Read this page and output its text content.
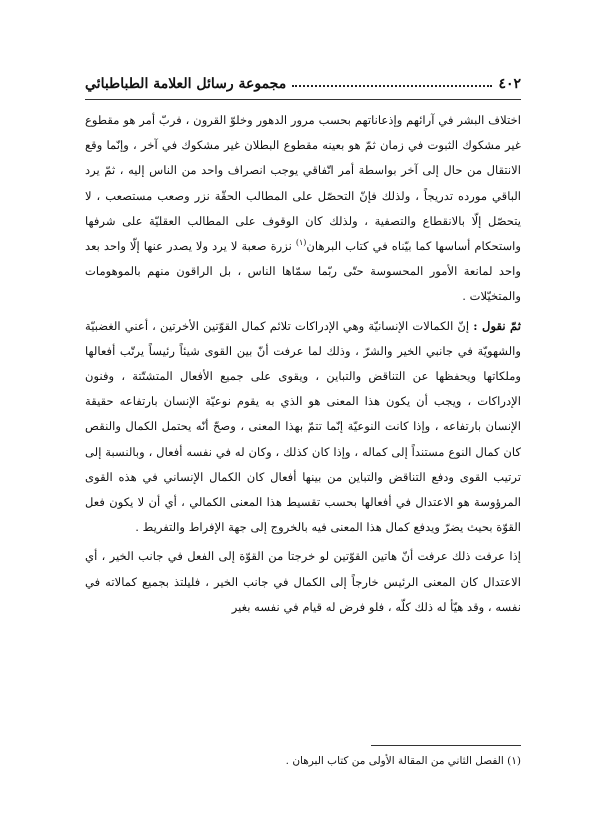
٤٠٢
مجموعة رسائل العلامة الطباطبائي

اختلاف البشر في آرائهم وإذعاناتهم بحسب مرور الدهور وخلوّ القرون ، فربّ أمر هو مقطوع غير مشكوك الثبوت في زمان ثمّ هو بعينه مقطوع البطلان غير مشكوك في آخر ، وإنّما وقع الانتقال من حال إلى آخر بواسطة أمر اتّفاقي يوجب انصراف واحد من الناس إليه ، ثمّ يرد الباقي مورده تدريجاً ، ولذلك فإنّ التحصّل على المطالب الحقّة نزر وصعب مستصعب ، لا يتحصّل إلّا بالانقطاع والتصفية ، ولذلك كان الوقوف على المطالب العقليّة على شرفها واستحكام أساسها كما بيّناه في كتاب البرهان$^{(١)}$ نزرة صعبة لا يرد ولا يصدر عنها إلّا واحد بعد واحد لمانعة الأمور المحسوسة حتّى ربّما سمّاها الناس ، بل الراقون منهم بالموهومات والمتخيّلات .

ثمّ نقول : إنّ الكمالات الإنسانيّة وهي الإدراكات تلائم كمال القوّتين الأخرتين ، أعني الغضبيّة والشهويّة في جانبي الخير والشرّ ، وذلك لما عرفت أنّ بين القوى شيئاً رئيساً يرتّب أفعالها وملكاتها ويحفظها عن التناقض والتباين ، ويقوى على جميع الأفعال المتشتّتة ، وفنون الإدراكات ، ويجب أن يكون هذا المعنى هو الذي به يقوم نوعيّة الإنسان بارتفاعه حقيقة الإنسان بارتفاعه ، وإذا كانت النوعيّة إنّما تتمّ بهذا المعنى ، وصحّ أنّه يحتمل الكمال والنقص كان كمال النوع مستنداً إلى كماله ، وإذا كان كذلك ، وكان له في نفسه أفعال ، وبالنسبة إلى ترتيب القوى ودفع التناقض والتباين من بينها أفعال كان الكمال الإنساني في هذه القوى المرؤوسة هو الاعتدال في أفعالها بحسب تقسيط هذا المعنى الكمالي ، أي أن لا يكون فعل القوّة بحيث يضرّ ويدفع كمال هذا المعنى فيه بالخروج إلى جهة الإفراط والتفريط .

إذا عرفت ذلك عرفت أنّ هاتين القوّتين لو خرجتا من القوّة إلى الفعل في جانب الخير ، أي الاعتدال كان المعنى الرئيس خارجاً إلى الكمال في جانب الخير ، فليلتذ بجميع كمالاته في نفسه ، وقد هيّأ له ذلك كلّه ، فلو فرض له قيام في نفسه بغير

(١) الفصل الثاني من المقالة الأولى من كتاب البرهان .
